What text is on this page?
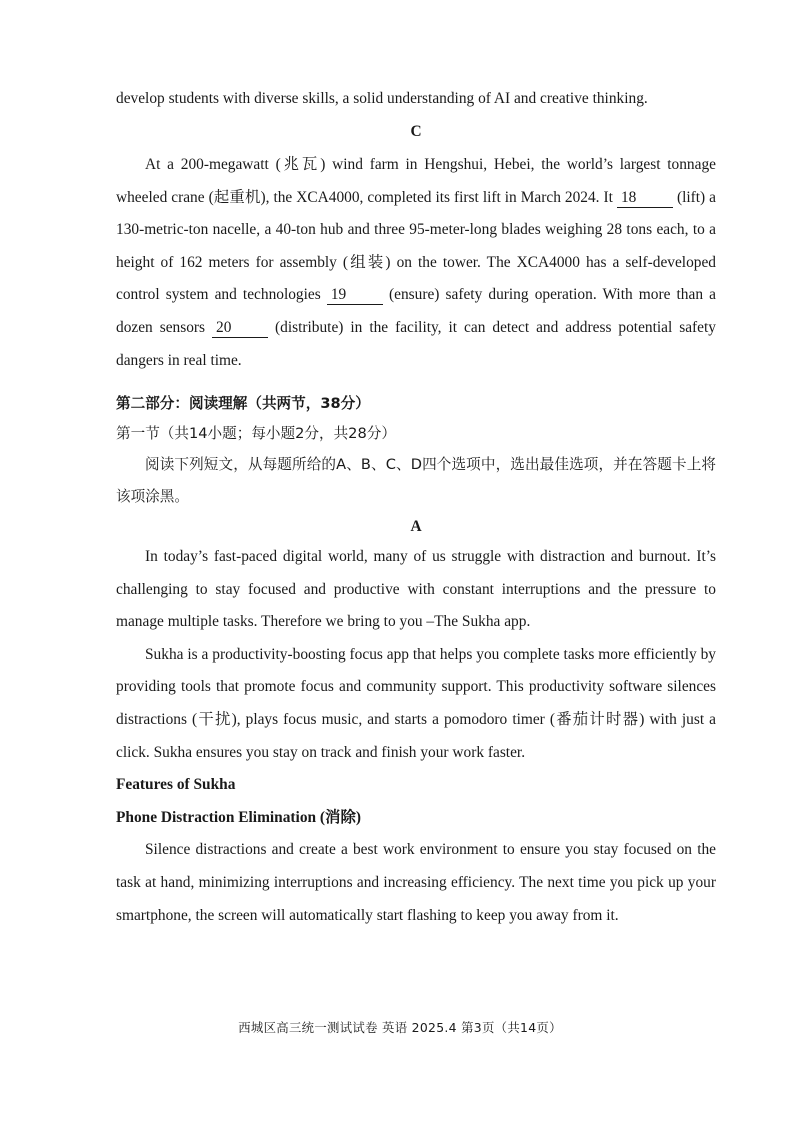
develop students with diverse skills, a solid understanding of AI and creative thinking.

C

At a 200-megawatt (兆瓦) wind farm in Hengshui, Hebei, the world’s largest tonnage wheeled crane (起重机), the XCA4000, completed its first lift in March 2024. It 18	(lift) a 130-metric-ton nacelle, a 40-ton hub and three 95-meter-long blades weighing 28 tons each, to a height of 162 meters for assembly (组装) on the tower. The XCA4000 has a self-developed control system and technologies 19	(ensure) safety during operation. With more than a dozen sensors 20	(distribute) in the facility, it can detect and address potential safety dangers in real time.

第二部分：阅读理解（共两节，38分）

第一节（共14小题；每小题2分，共28分）

阅读下列短文，从每题所给的A、B、C、D四个选项中，选出最佳选项，并在答题卡上将该项涂黑。

A

In today’s fast-paced digital world, many of us struggle with distraction and burnout. It’s challenging to stay focused and productive with constant interruptions and the pressure to manage multiple tasks. Therefore we bring to you –The Sukha app.

Sukha is a productivity-boosting focus app that helps you complete tasks more efficiently by providing tools that promote focus and community support. This productivity software silences distractions (干扰), plays focus music, and starts a pomodoro timer (番茄计时器) with just a click. Sukha ensures you stay on track and finish your work faster.

Features of Sukha

Phone Distraction Elimination (消除)

Silence distractions and create a best work environment to ensure you stay focused on the task at hand, minimizing interruptions and increasing efficiency. The next time you pick up your smartphone, the screen will automatically start flashing to keep you away from it.

西城区高三统一测试试卷 英语 2025.4 第3页（共14页）
